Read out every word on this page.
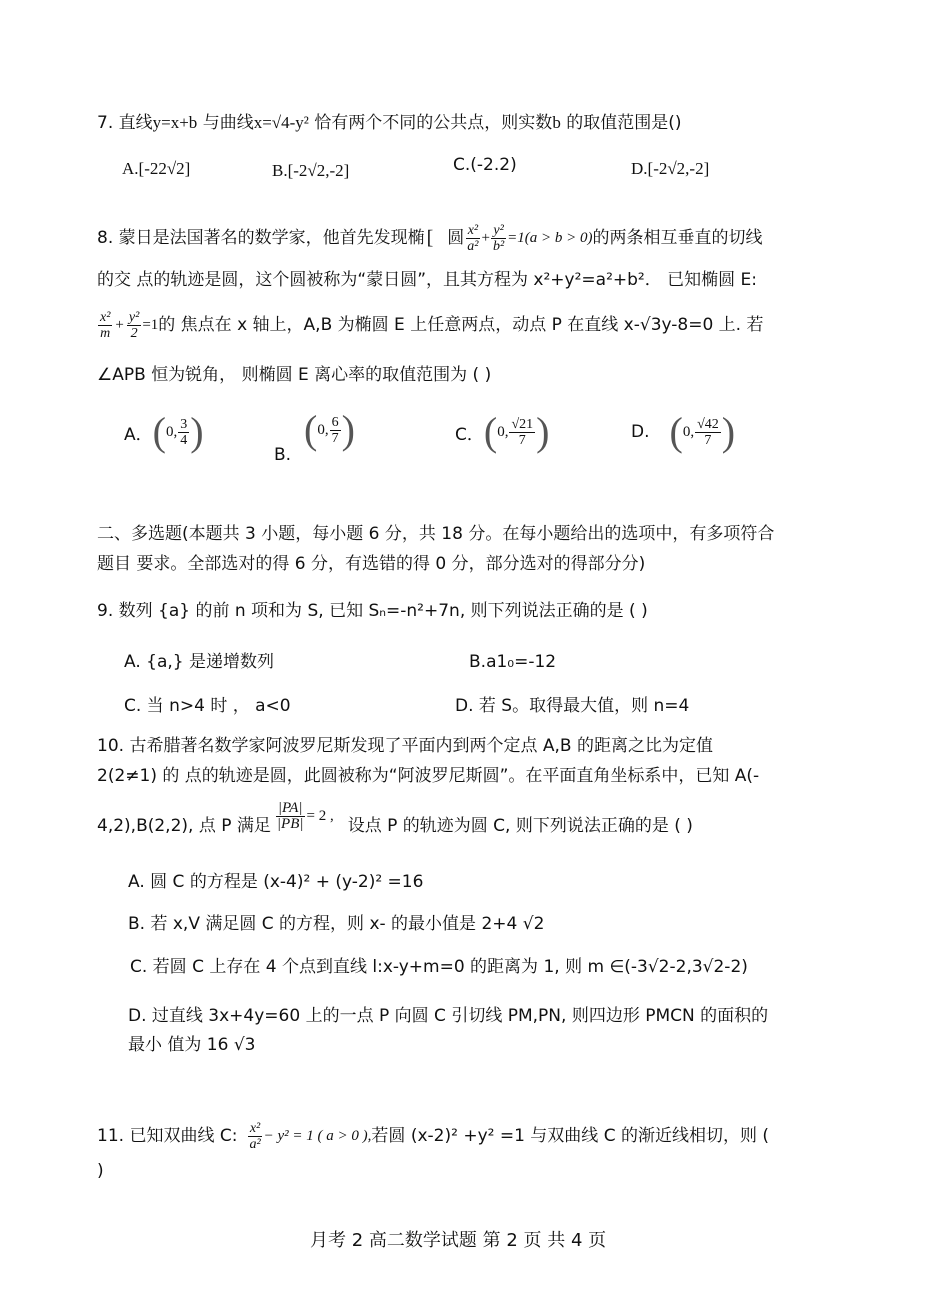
7. 直线y=x+b 与曲线x=√4-y² 恰有两个不同的公共点，则实数b 的取值范围是()
A.[-22√2]	B.[-2√2,-2]	C.(-2.2)	D.[-2√2,-2]
8. 蒙日是法国著名的数学家，他首先发现椭 [ 圆 $\frac{\text{x²}}{\text{a²}} + \frac{\text{y²}}{\text{b²}} =1(a > b > 0)$ 的两条相互垂直的切线
的交 点的轨迹是圆，这个圆被称为“蒙日圆”，且其方程为 x²+y²=a²+b²． 已知椭圆 E:
$\frac{\text{x²}}{m} + \frac{\text{y²}}{2} =1$ 的 焦点在 x 轴上，A,B 为椭圆 E 上任意两点，动点 P 在直线 x-√3y-8=0 上. 若
∠APB 恒为锐角， 则椭圆 E 离心率的取值范围为 ( )
A． ( 0, $\frac{3}{4}$ )
B.
( 0, $\frac{6}{7}$ )	C． ( 0, $\frac{√21}{7}$ )	D. ( 0, $\frac{√42}{7}$ )
二、多选题(本题共 3 小题，每小题 6 分，共 18 分。在每小题给出的选项中，有多项符合
题目 要求。全部选对的得 6 分，有选错的得 0 分，部分选对的得部分分)
9. 数列 {a} 的前 n 项和为 S, 已知 Sₙ=-n²+7n, 则下列说法正确的是 ( )
A. {a,} 是递增数列	B.a1₀=-12
C. 当 n>4 时 ， a<0	D. 若 S。取得最大值，则 n=4
10. 古希腊著名数学家阿波罗尼斯发现了平面内到两个定点 A,B 的距离之比为定值
2(2≠1) 的 点的轨迹是圆，此圆被称为“阿波罗尼斯圆”。在平面直角坐标系中，已知 A(-
4,2),B(2,2), 点 P 满足 $\frac{|PA|}{|PB|} = 2$ , 设点 P 的轨迹为圆 C, 则下列说法正确的是 ( )
A. 圆 C 的方程是 (x-4)² + (y-2)² =16
B. 若 x,V 满足圆 C 的方程，则 x- 的最小值是 2+4 √2
C. 若圆 C 上存在 4 个点到直线 l:x-y+m=0 的距离为 1, 则 m ∈(-3√2-2,3√2-2)
D. 过直线 3x+4y=60 上的一点 P 向圆 C 引切线 PM,PN, 则四边形 PMCN 的面积的
最小 值为 16 √3
11. 已知双曲线 C: $\frac{\text{x²}}{\text{a²}} - y^2 = 1$ ( a > 0 ), 若圆 (x-2)² +y² =1 与双曲线 C 的渐近线相切，则 (
)
月考 2 高二数学试题 第 2 页 共 4 页
